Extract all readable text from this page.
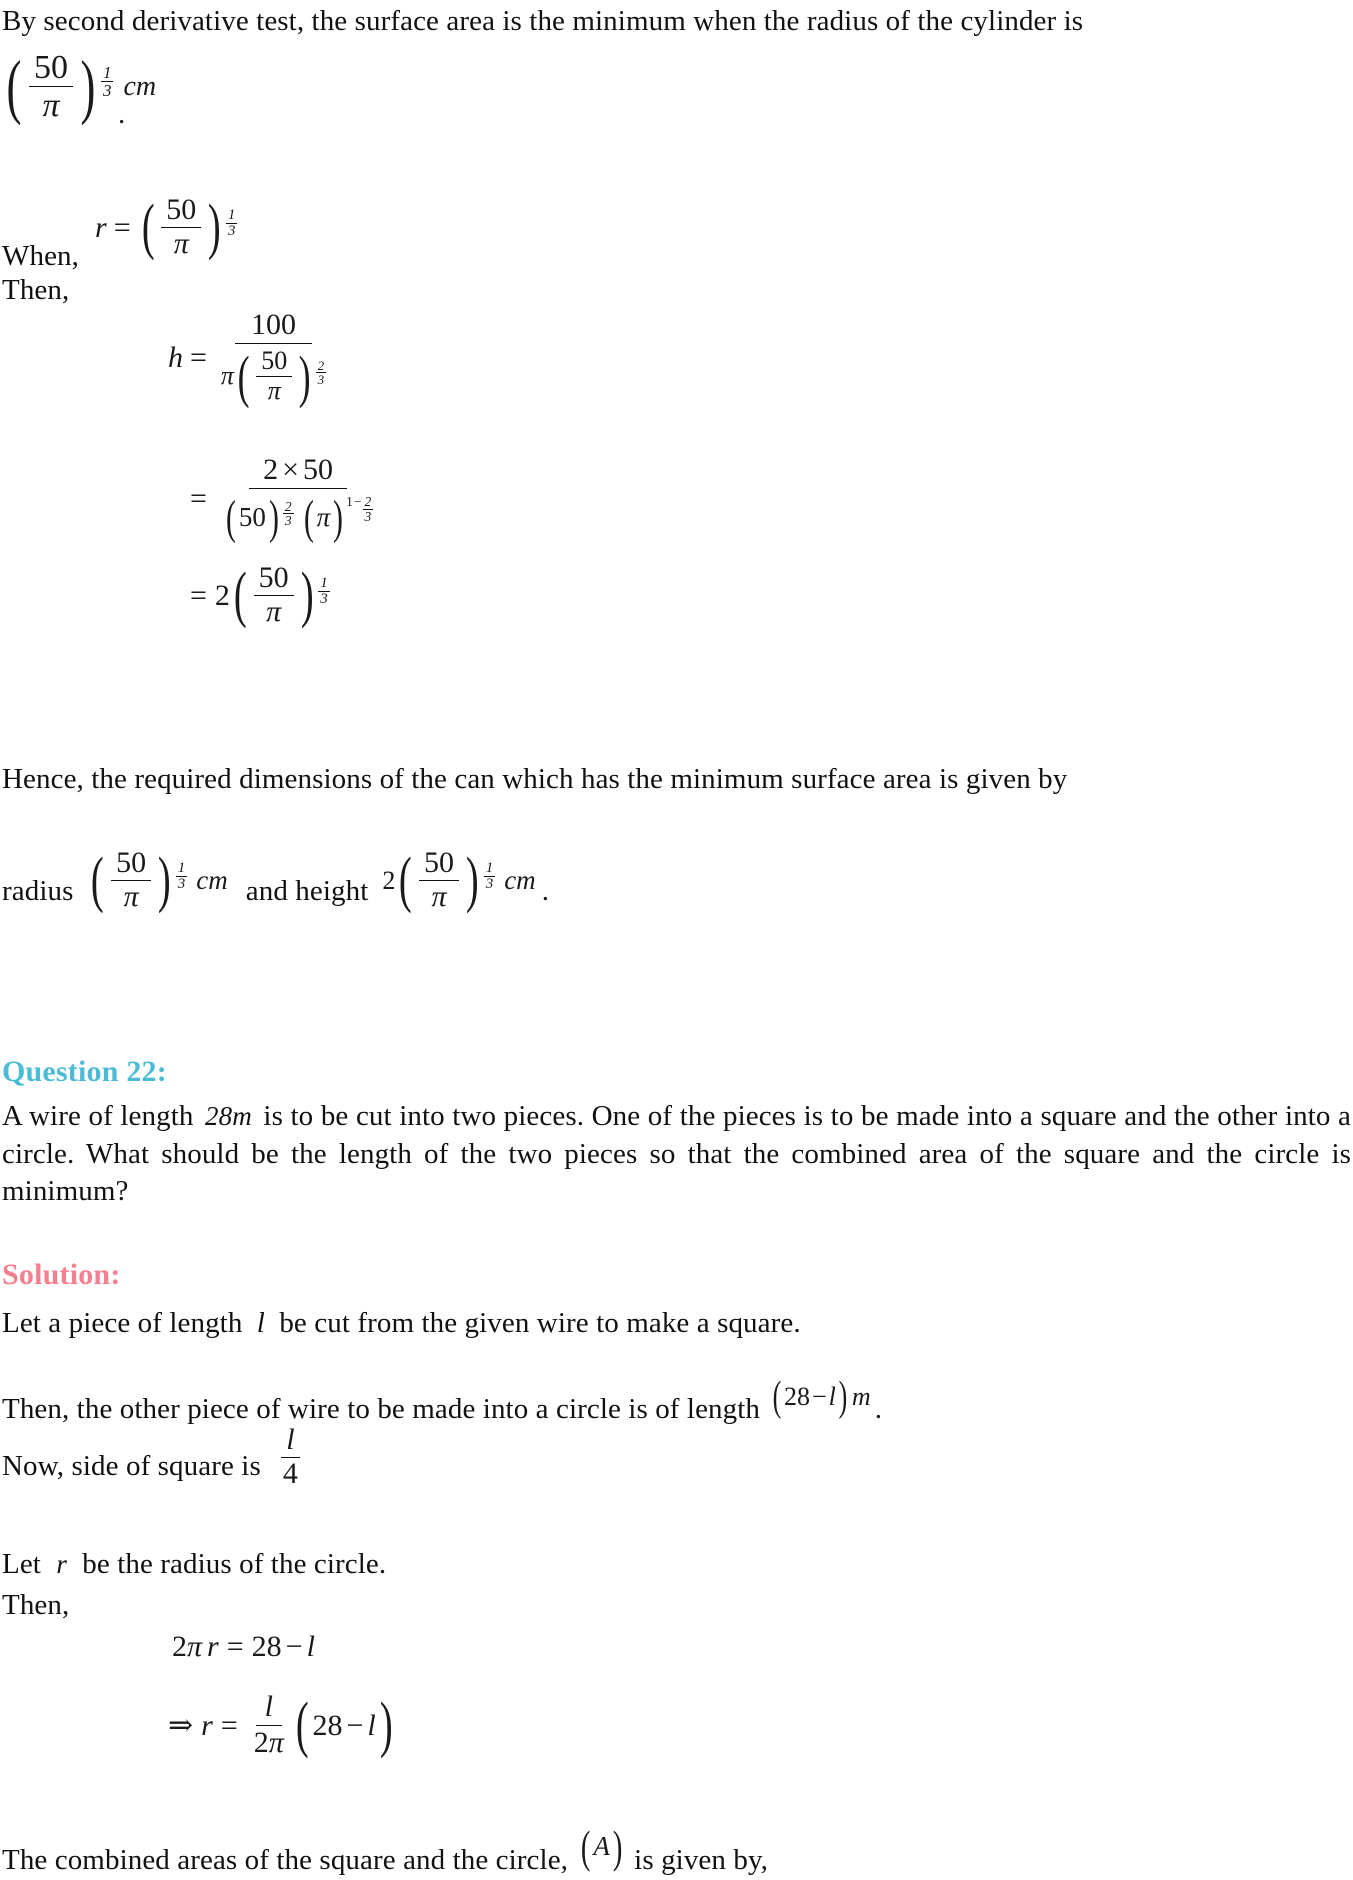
By second derivative test, the surface area is the minimum when the radius of the cylinder is
( $\frac{50}{\pi}$ ) $\frac{1}{3}$ cm
.
When,
r = ( $\frac{50}{\pi}$ ) $\frac{1}{3}$
Then,
h =
100
π ( $\frac{50}{\pi}$ ) $\frac{2}{3}$
=
2 × 50
( 50 ) $\frac{2}{3}$ ( π ) $1 - \frac{2}{3}$
= 2 ( $\frac{50}{\pi}$ ) $\frac{1}{3}$
Hence, the required dimensions of the can which has the minimum surface area is given by
radius ( $\frac{50}{\pi}$ ) $\frac{1}{3}$ cm and height 2 ( $\frac{50}{\pi}$ ) $\frac{1}{3}$ cm .
Question 22:
A wire of length 28m is to be cut into two pieces. One of the pieces is to be made into a square and the other into a circle. What should be the length of the two pieces so that the combined area of the square and the circle is minimum?
Solution:
Let a piece of length l be cut from the given wire to make a square.
Then, the other piece of wire to be made into a circle is of length ( 28 − l ) m .
Now, side of square is $\frac{l}{4}$
Let r be the radius of the circle.
Then,
2 π r = 28 − l
⇒ $r = \frac{l}{2\pi}$ ( 28 − l )
The combined areas of the square and the circle, ( A ) is given by,
